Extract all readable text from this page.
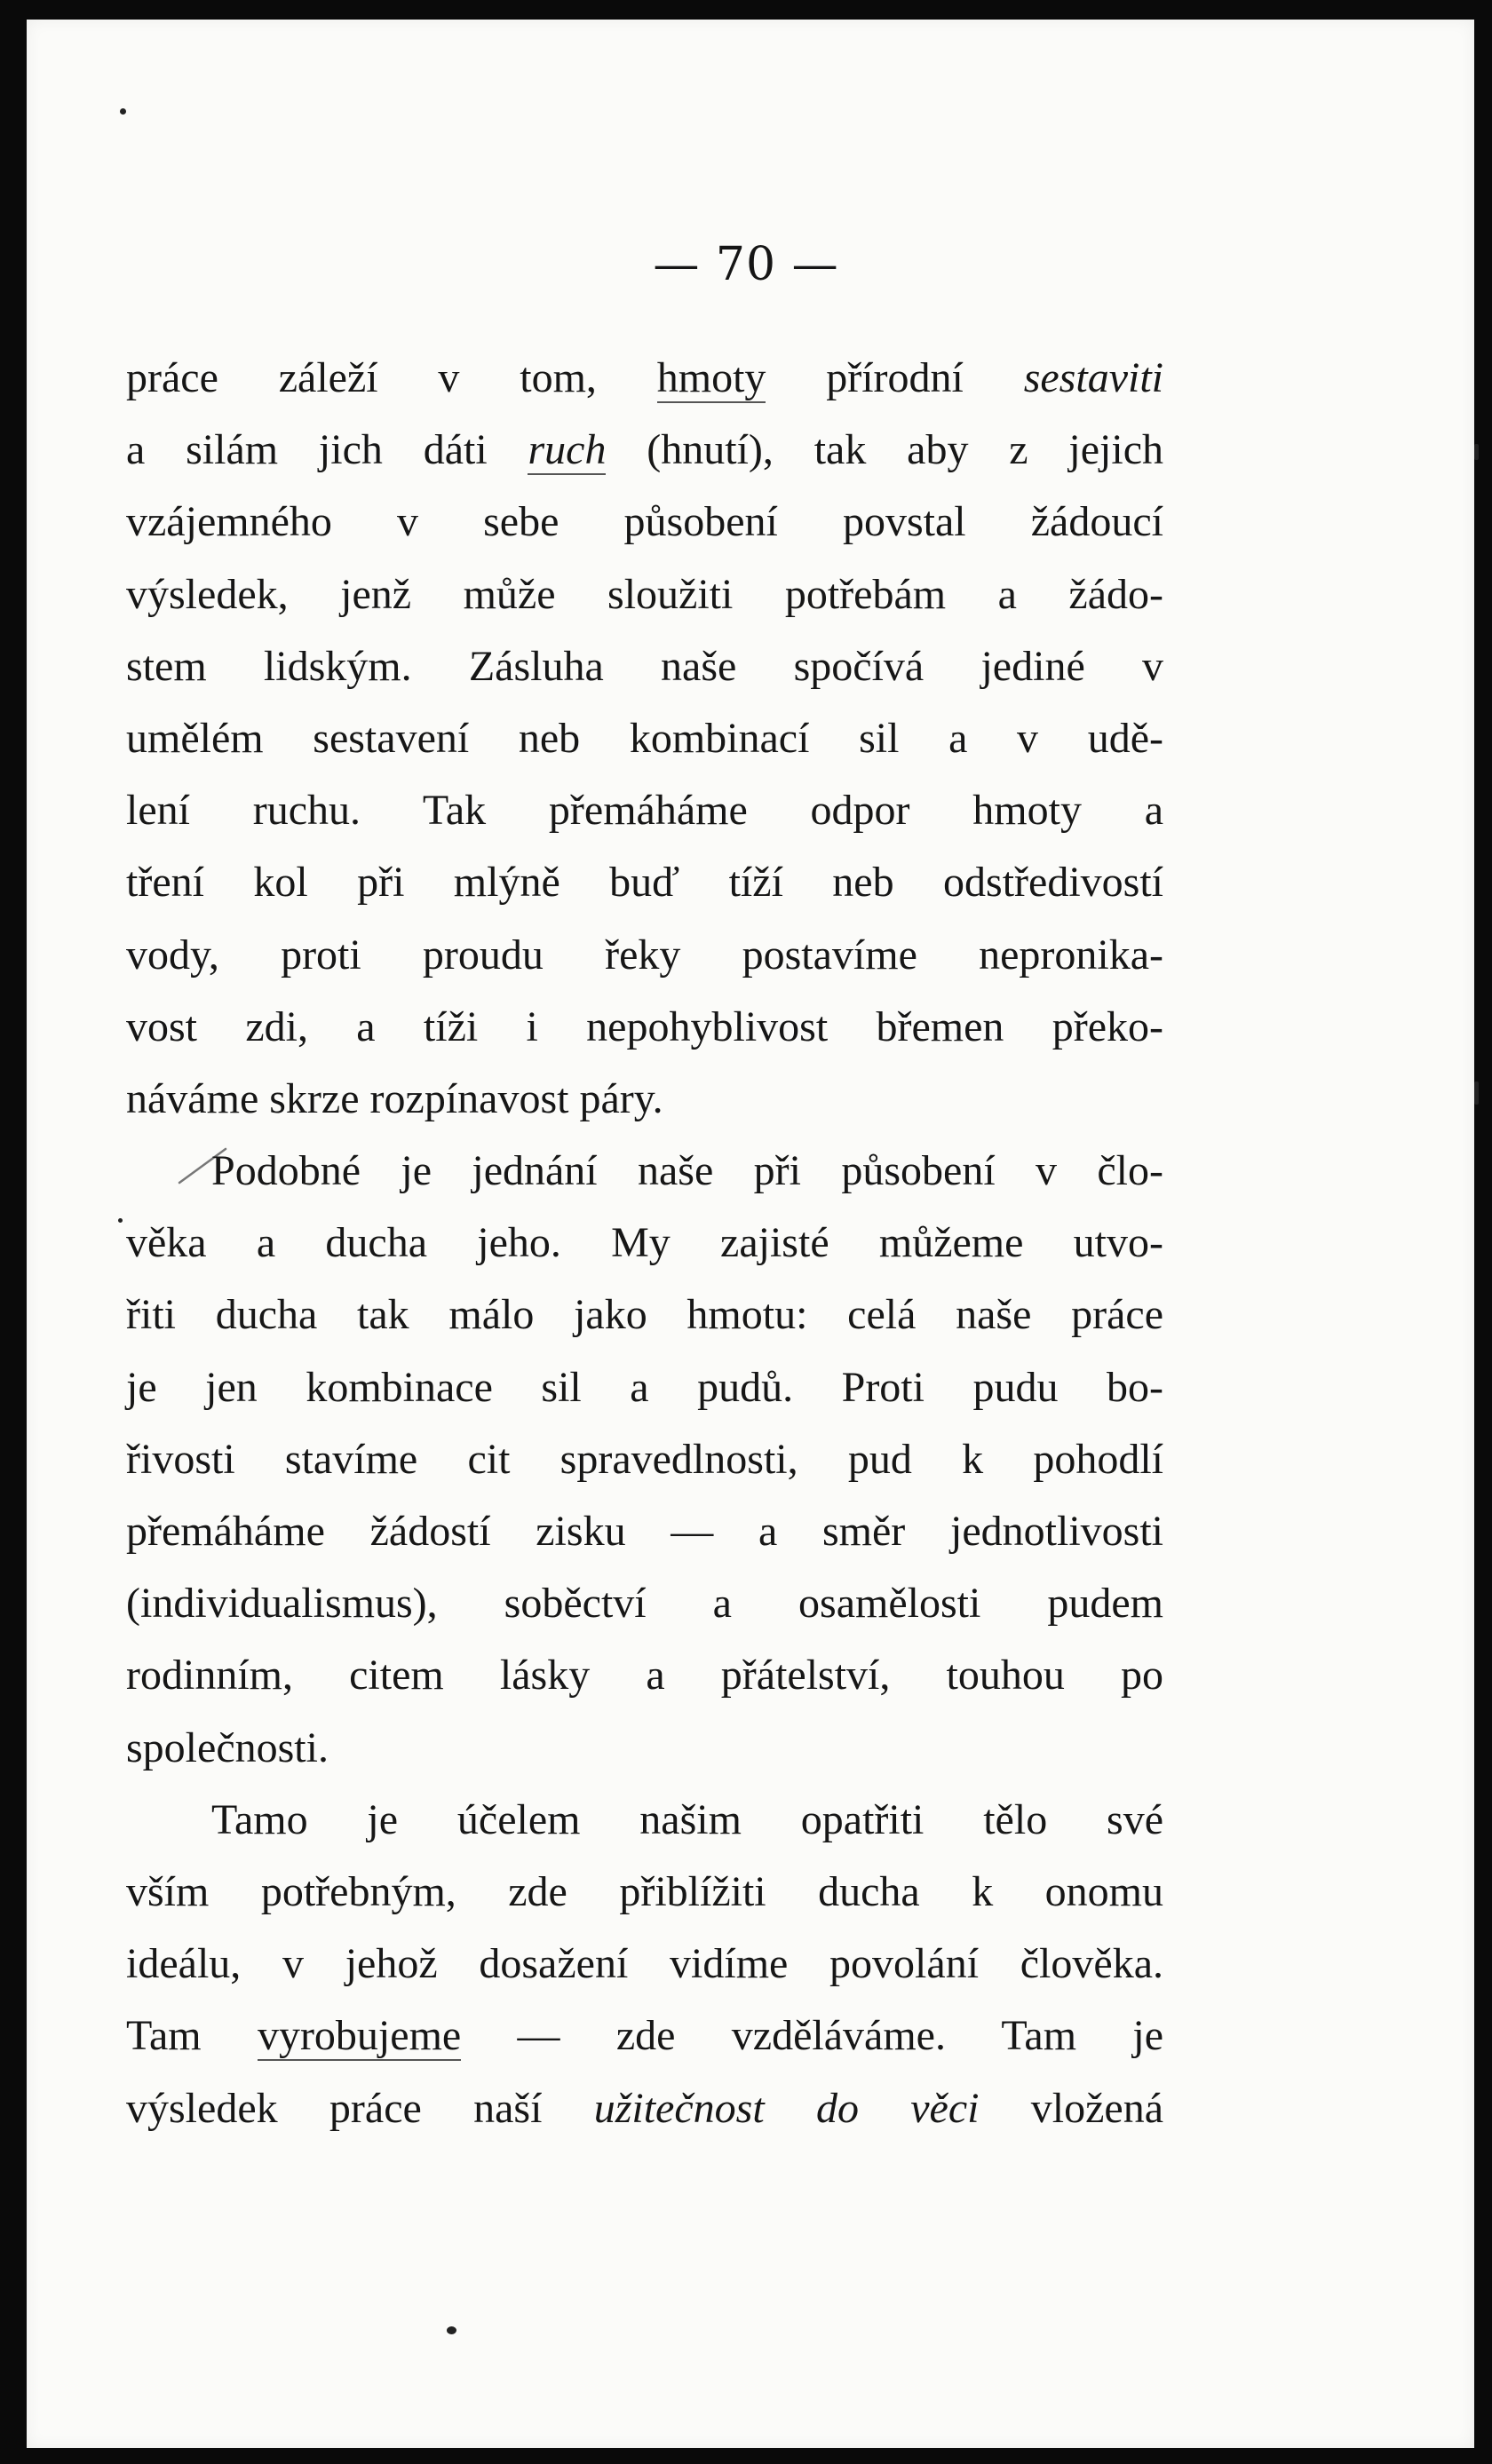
— 70 —
práce záleží v tom, hmoty přírodní sestaviti
a silám jich dáti ruch (hnutí), tak aby z jejich
vzájemného v sebe působení povstal žádoucí
výsledek, jenž může sloužiti potřebám a žádo-
stem lidským. Zásluha naše spočívá jediné v
umělém sestavení neb kombinací sil a v udě-
lení ruchu. Tak přemáháme odpor hmoty a
tření kol při mlýně buď tíží neb odstředivostí
vody, proti proudu řeky postavíme nepronika-
vost zdi, a tíži i nepohyblivost břemen překo-
náváme skrze rozpínavost páry.
Podobné je jednání naše při působení v člo-
věka a ducha jeho. My zajisté můžeme utvo-
řiti ducha tak málo jako hmotu: celá naše práce
je jen kombinace sil a pudů. Proti pudu bo-
řivosti stavíme cit spravedlnosti, pud k pohodlí
přemáháme žádostí zisku — a směr jednotlivosti
(individualismus), soběctví a osamělosti pudem
rodinním, citem lásky a přátelství, touhou po
společnosti.
Tamo je účelem našim opatřiti tělo své
vším potřebným, zde přiblížiti ducha k onomu
ideálu, v jehož dosažení vidíme povolání člověka.
Tam vyrobujeme — zde vzděláváme. Tam je
výsledek práce naší užitečnost do věci vložená
